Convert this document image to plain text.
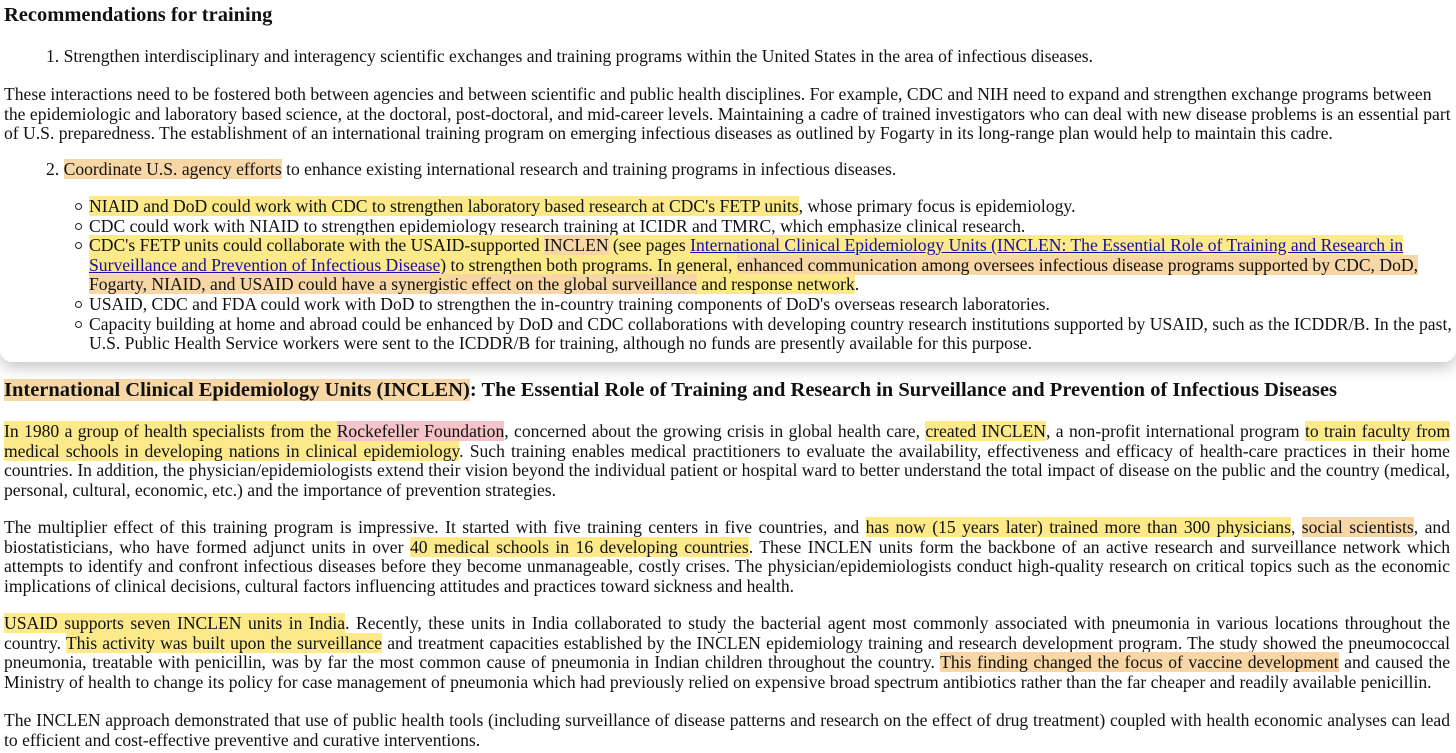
Recommendations for training
1. Strengthen interdisciplinary and interagency scientific exchanges and training programs within the United States in the area of infectious diseases.

These interactions need to be fostered both between agencies and between scientific and public health disciplines. For example, CDC and NIH need to expand and strengthen exchange programs between the epidemiologic and laboratory based science, at the doctoral, post-doctoral, and mid-career levels. Maintaining a cadre of trained investigators who can deal with new disease problems is an essential part of U.S. preparedness. The establishment of an international training program on emerging infectious diseases as outlined by Fogarty in its long-range plan would help to maintain this cadre.

2. Coordinate U.S. agency efforts to enhance existing international research and training programs in infectious diseases.
NIAID and DoD could work with CDC to strengthen laboratory based research at CDC's FETP units, whose primary focus is epidemiology.
CDC could work with NIAID to strengthen epidemiology research training at ICIDR and TMRC, which emphasize clinical research.
CDC's FETP units could collaborate with the USAID-supported INCLEN (see pages International Clinical Epidemiology Units (INCLEN: The Essential Role of Training and Research in Surveillance and Prevention of Infectious Disease) to strengthen both programs. In general, enhanced communication among oversees infectious disease programs supported by CDC, DoD, Fogarty, NIAID, and USAID could have a synergistic effect on the global surveillance and response network.
USAID, CDC and FDA could work with DoD to strengthen the in-country training components of DoD's overseas research laboratories.
Capacity building at home and abroad could be enhanced by DoD and CDC collaborations with developing country research institutions supported by USAID, such as the ICDDR/B. In the past, U.S. Public Health Service workers were sent to the ICDDR/B for training, although no funds are presently available for this purpose.
International Clinical Epidemiology Units (INCLEN): The Essential Role of Training and Research in Surveillance and Prevention of Infectious Diseases

In 1980 a group of health specialists from the Rockefeller Foundation, concerned about the growing crisis in global health care, created INCLEN, a non-profit international program to train faculty from medical schools in developing nations in clinical epidemiology. Such training enables medical practitioners to evaluate the availability, effectiveness and efficacy of health-care practices in their home countries. In addition, the physician/epidemiologists extend their vision beyond the individual patient or hospital ward to better understand the total impact of disease on the public and the country (medical, personal, cultural, economic, etc.) and the importance of prevention strategies.

The multiplier effect of this training program is impressive. It started with five training centers in five countries, and has now (15 years later) trained more than 300 physicians, social scientists, and biostatisticians, who have formed adjunct units in over 40 medical schools in 16 developing countries. These INCLEN units form the backbone of an active research and surveillance network which attempts to identify and confront infectious diseases before they become unmanageable, costly crises. The physician/epidemiologists conduct high-quality research on critical topics such as the economic implications of clinical decisions, cultural factors influencing attitudes and practices toward sickness and health.

USAID supports seven INCLEN units in India. Recently, these units in India collaborated to study the bacterial agent most commonly associated with pneumonia in various locations throughout the country. This activity was built upon the surveillance and treatment capacities established by the INCLEN epidemiology training and research development program. The study showed the pneumococcal pneumonia, treatable with penicillin, was by far the most common cause of pneumonia in Indian children throughout the country. This finding changed the focus of vaccine development and caused the Ministry of health to change its policy for case management of pneumonia which had previously relied on expensive broad spectrum antibiotics rather than the far cheaper and readily available penicillin.

The INCLEN approach demonstrated that use of public health tools (including surveillance of disease patterns and research on the effect of drug treatment) coupled with health economic analyses can lead to efficient and cost-effective preventive and curative interventions.
